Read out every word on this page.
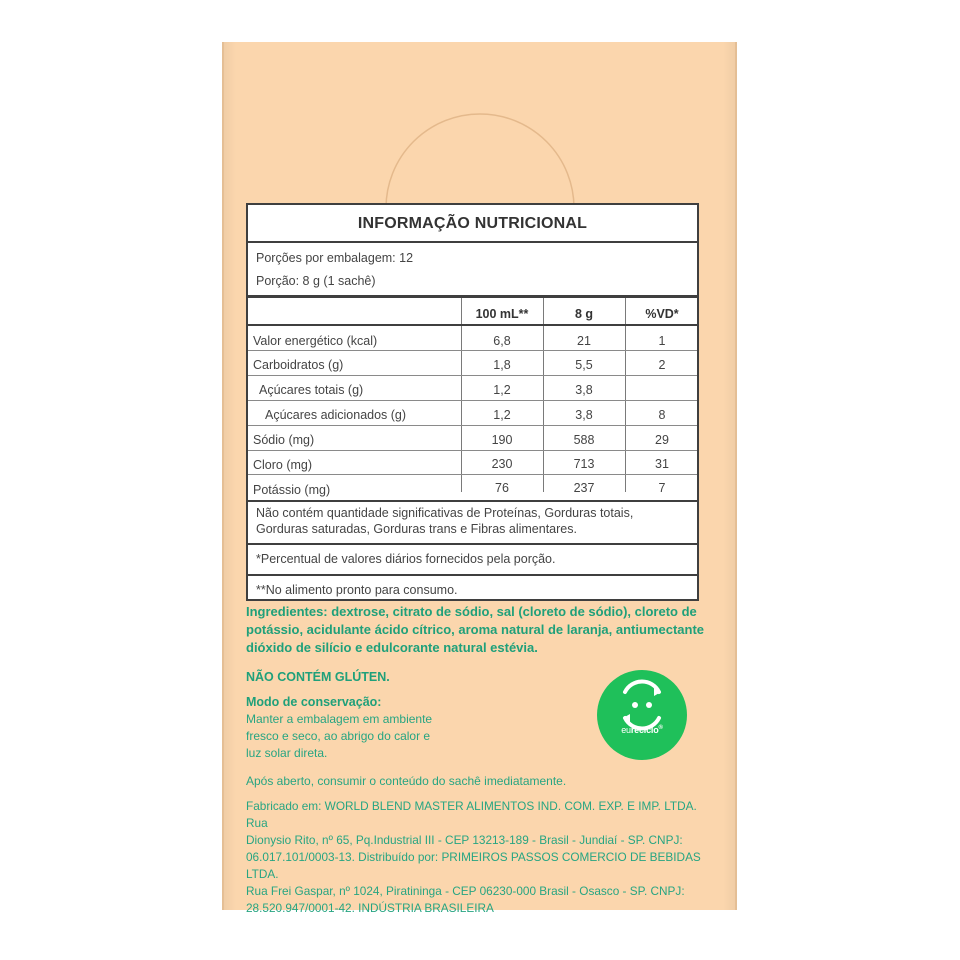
INFORMAÇÃO NUTRICIONAL
Porções por embalagem: 12
Porção: 8 g (1 sachê)
100 mL**	8 g	%VD*
Valor energético (kcal)	6,8	21	1
Carboidratos (g)	1,8	5,5	2
Açúcares totais (g)	1,2	3,8
Açúcares adicionados (g)	1,2	3,8	8
Sódio (mg)	190	588	29
Cloro (mg)	230	713	31
Potássio (mg)	76	237	7
Não contém quantidade significativas de Proteínas, Gorduras totais,
Gorduras saturadas, Gorduras trans e Fibras alimentares.
*Percentual de valores diários fornecidos pela porção.
**No alimento pronto para consumo.
Ingredientes: dextrose, citrato de sódio, sal (cloreto de sódio), cloreto de
potássio, acidulante ácido cítrico, aroma natural de laranja, antiumectante
dióxido de silício e edulcorante natural estévia.
NÃO CONTÉM GLÚTEN.
Modo de conservação:
Manter a embalagem em ambiente
fresco e seco, ao abrigo do calor e
luz solar direta.
eureciclo®
Após aberto, consumir o conteúdo do sachê imediatamente.
Fabricado em: WORLD BLEND MASTER ALIMENTOS IND. COM. EXP. E IMP. LTDA. Rua
Dionysio Rito, nº 65, Pq.Industrial III - CEP 13213-189 - Brasil - Jundiaí - SP. CNPJ:
06.017.101/0003-13. Distribuído por: PRIMEIROS PASSOS COMERCIO DE BEBIDAS LTDA.
Rua Frei Gaspar, nº 1024, Piratininga - CEP 06230-000 Brasil - Osasco - SP. CNPJ:
28.520.947/0001-42. INDÚSTRIA BRASILEIRA
